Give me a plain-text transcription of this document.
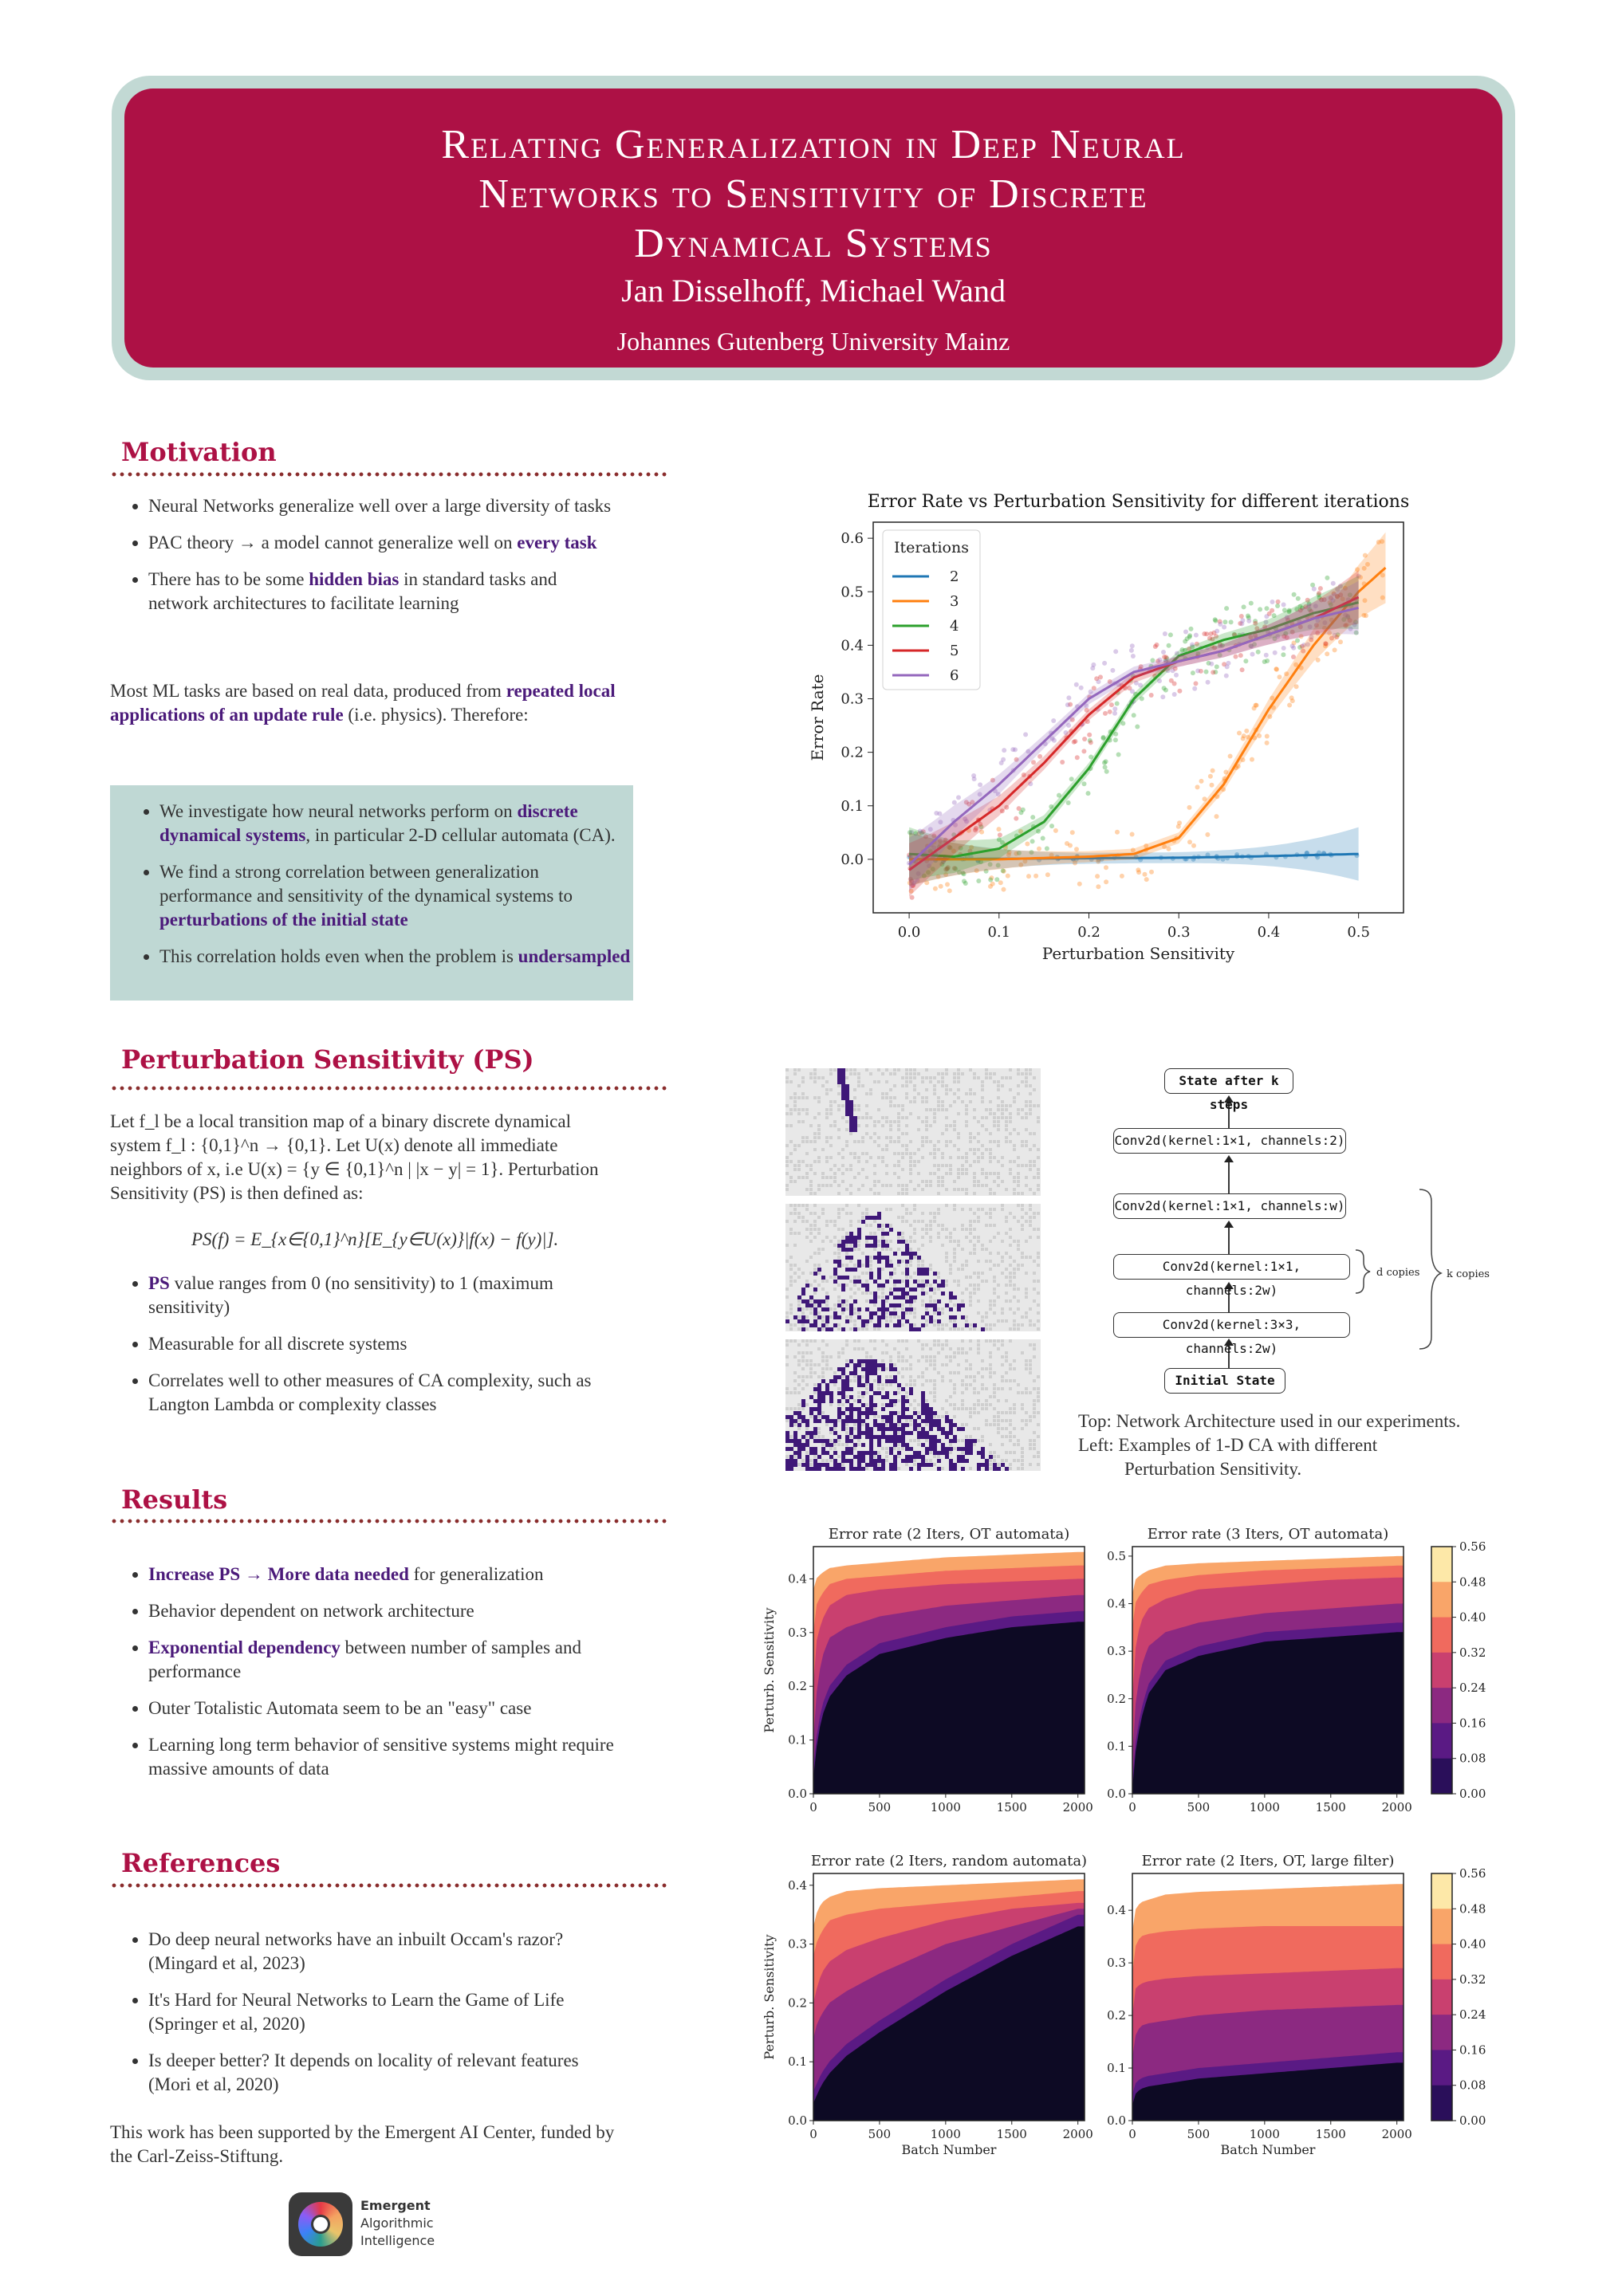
Relating Generalization in Deep Neural
Networks to Sensitivity of Discrete
Dynamical Systems
Jan Disselhoff, Michael Wand
Johannes Gutenberg University Mainz
Motivation
• Neural Networks generalize well over a large diversity of tasks
• PAC theory → a model cannot generalize well on every task
• There has to be some hidden bias in standard tasks and network architectures to facilitate learning
Most ML tasks are based on real data, produced from repeated local applications of an update rule (i.e. physics). Therefore:
• We investigate how neural networks perform on discrete dynamical systems, in particular 2-D cellular automata (CA).
• We find a strong correlation between generalization performance and sensitivity of the dynamical systems to perturbations of the initial state
• This correlation holds even when the problem is undersampled
Perturbation Sensitivity (PS)
Let f_l be a local transition map of a binary discrete dynamical system f_l : {0,1}^n → {0,1}. Let U(x) denote all immediate neighbors of x, i.e U(x) = {y ∈ {0,1}^n | |x − y| = 1}. Perturbation Sensitivity (PS) is then defined as:
PS(f) = E_{x∈{0,1}^n}[E_{y∈U(x)}|f(x) − f(y)|].
• PS value ranges from 0 (no sensitivity) to 1 (maximum sensitivity)
• Measurable for all discrete systems
• Correlates well to other measures of CA complexity, such as Langton Lambda or complexity classes
Results
• Increase PS → More data needed for generalization
• Behavior dependent on network architecture
• Exponential dependency between number of samples and performance
• Outer Totalistic Automata seem to be an "easy" case
• Learning long term behavior of sensitive systems might require massive amounts of data
References
• Do deep neural networks have an inbuilt Occam's razor? (Mingard et al, 2023)
• It's Hard for Neural Networks to Learn the Game of Life (Springer et al, 2020)
• Is deeper better? It depends on locality of relevant features (Mori et al, 2020)
This work has been supported by the Emergent AI Center, funded by the Carl-Zeiss-Stiftung.
Emergent
Algorithmic
Intelligence
Error Rate vs Perturbation Sensitivity for different iterations
0.0	0.1	0.2	0.3	0.4	0.5
0.0
0.1
0.2
0.3
0.4
0.5
0.6
Perturbation Sensitivity
Error Rate
Iterations
2
3
4
5
6
d copies	k copies
State after k steps
Conv2d(kernel:1×1, channels:2)
Conv2d(kernel:1×1, channels:w)
Conv2d(kernel:1×1, channels:2w)
Conv2d(kernel:3×3, channels:2w)
Initial State
Top: Network Architecture used in our experiments.
Left: Examples of 1-D CA with different
Perturbation Sensitivity.
Error rate (2 Iters, OT automata)
0	500	1000	1500	2000
0.0
0.1
0.2
0.3
0.4
Perturb. Sensitivity
Error rate (3 Iters, OT automata)
0	500	1000	1500	2000
0.0
0.1
0.2
0.3
0.4
0.5
Error rate (2 Iters, random automata)
0	500	1000	1500	2000
0.0
0.1
0.2
0.3
0.4
Perturb. Sensitivity
Batch Number
Error rate (2 Iters, OT, large filter)
0	500	1000	1500	2000
0.0
0.1
0.2
0.3
0.4
Batch Number
0.56
0.48
0.40
0.32
0.24
0.16
0.08
0.00
0.56
0.48
0.40
0.32
0.24
0.16
0.08
0.00
